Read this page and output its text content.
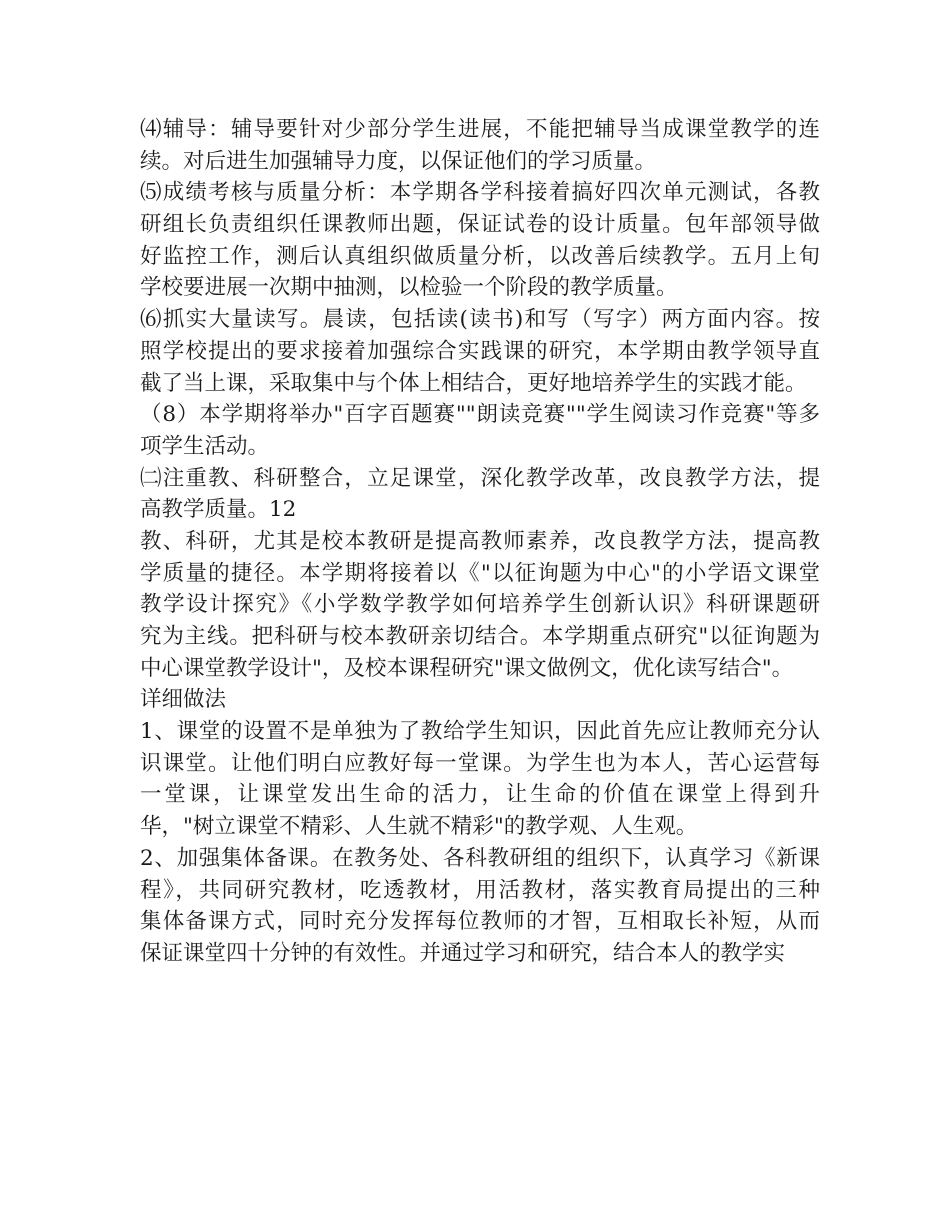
⑷辅导：辅导要针对少部分学生进展，不能把辅导当成课堂教学的连
续。对后进生加强辅导力度，以保证他们的学习质量。
⑸成绩考核与质量分析：本学期各学科接着搞好四次单元测试，各教
研组长负责组织任课教师出题，保证试卷的设计质量。包年部领导做
好监控工作，测后认真组织做质量分析，以改善后续教学。五月上旬
学校要进展一次期中抽测，以检验一个阶段的教学质量。
⑹抓实大量读写。晨读，包括读(读书)和写（写字）两方面内容。按
照学校提出的要求接着加强综合实践课的研究，本学期由教学领导直
截了当上课，采取集中与个体上相结合，更好地培养学生的实践才能。
（8）本学期将举办"百字百题赛""朗读竞赛""学生阅读习作竞赛"等多
项学生活动。
㈡注重教、科研整合，立足课堂，深化教学改革，改良教学方法，提
高教学质量。12
教、科研，尤其是校本教研是提高教师素养，改良教学方法，提高教
学质量的捷径。本学期将接着以《"以征询题为中心"的小学语文课堂
教学设计探究》《小学数学教学如何培养学生创新认识》科研课题研
究为主线。把科研与校本教研亲切结合。本学期重点研究"以征询题为
中心课堂教学设计"，及校本课程研究"课文做例文，优化读写结合"。
详细做法
1、课堂的设置不是单独为了教给学生知识，因此首先应让教师充分认
识课堂。让他们明白应教好每一堂课。为学生也为本人，苦心运营每
一堂课，让课堂发出生命的活力，让生命的价值在课堂上得到升
华，"树立课堂不精彩、人生就不精彩"的教学观、人生观。
2、加强集体备课。在教务处、各科教研组的组织下，认真学习《新课
程》，共同研究教材，吃透教材，用活教材，落实教育局提出的三种
集体备课方式，同时充分发挥每位教师的才智，互相取长补短，从而
保证课堂四十分钟的有效性。并通过学习和研究，结合本人的教学实
